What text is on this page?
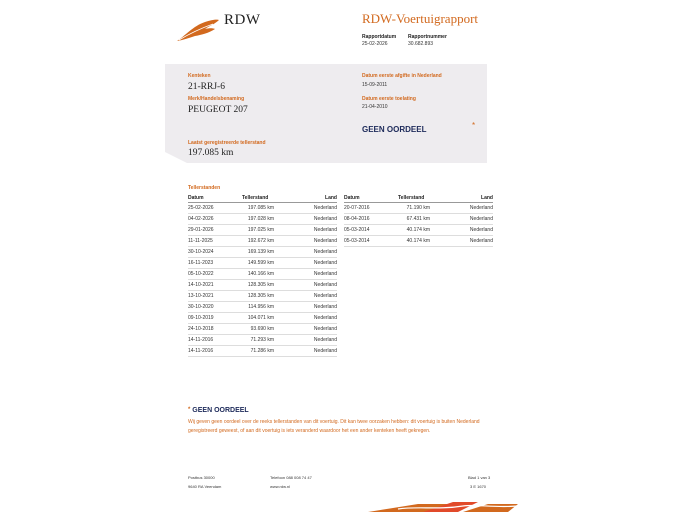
RDW	RDW-Voertuigrapport
Rapportdatum
25-02-2026
Rapportnummer
30.682.893
Kenteken
21-RRJ-6
Merk/Handelsbenaming
PEUGEOT 207
Laatst geregistreerde tellerstand
197.085 km
Datum eerste afgifte in Nederland
15-09-2011
Datum eerste toelating
21-04-2010
GEEN OORDEEL	*
Tellerstanden
Datum	Tellerstand	Land
25-02-2026	197.085 km	Nederland
04-02-2026	197.028 km	Nederland
29-01-2026	197.025 km	Nederland
11-11-2025	192.672 km	Nederland
30-10-2024	169.139 km	Nederland
16-11-2023	149.599 km	Nederland
05-10-2022	140.166 km	Nederland
14-10-2021	128.305 km	Nederland
13-10-2021	128.305 km	Nederland
30-10-2020	114.956 km	Nederland
09-10-2019	104.071 km	Nederland
24-10-2018	93.690 km	Nederland
14-11-2016	71.293 km	Nederland
14-11-2016	71.286 km	Nederland
Datum	Tellerstand	Land
20-07-2016	71.190 km	Nederland
08-04-2016	67.431 km	Nederland
05-03-2014	40.174 km	Nederland
05-03-2014	40.174 km	Nederland
* GEEN OORDEEL
Wij geven geen oordeel over de reeks tellerstanden van dit voertuig. Dit kan twee oorzaken hebben: dit voertuig is buiten Nederland geregistreerd geweest, of aan dit voertuig is iets veranderd waardoor het een ander kenteken heeft gekregen.
Postbus 30000
9640 RA Veendam
Telefoon 088 008 74 47
www.rdw.nl
Blad 1 van 3
3 E 1670
